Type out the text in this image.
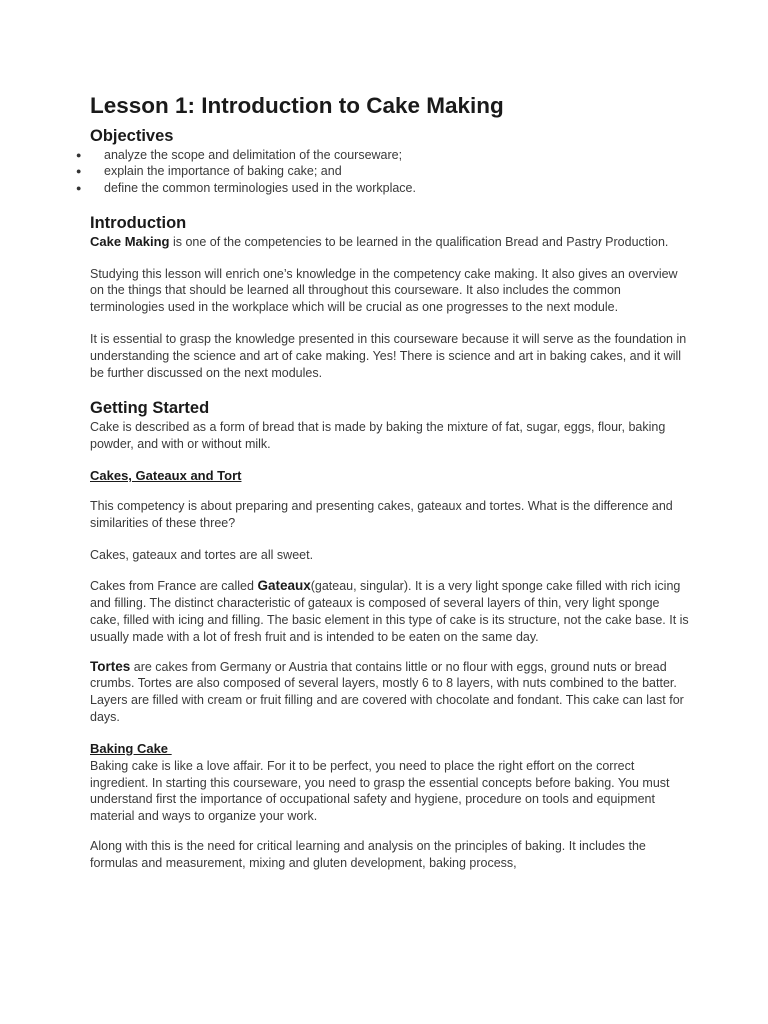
Lesson 1: Introduction to Cake Making
Objectives
● analyze the scope and delimitation of the courseware;
● explain the importance of baking cake; and
● define the common terminologies used in the workplace.
Introduction

Cake Making is one of the competencies to be learned in the qualification Bread and Pastry Production.

Studying this lesson will enrich one’s knowledge in the competency cake making. It also gives an overview on the things that should be learned all throughout this courseware. It also includes the common terminologies used in the workplace which will be crucial as one progresses to the next module.

It is essential to grasp the knowledge presented in this courseware because it will serve as the foundation in understanding the science and art of cake making. Yes! There is science and art in baking cakes, and it will be further discussed on the next modules.

Getting Started

Cake is described as a form of bread that is made by baking the mixture of fat, sugar, eggs, flour, baking powder, and with or without milk.

Cakes, Gateaux and Tort

This competency is about preparing and presenting cakes, gateaux and tortes. What is the difference and similarities of these three?

Cakes, gateaux and tortes are all sweet.

Cakes from France are called Gateaux(gateau, singular). It is a very light sponge cake filled with rich icing and filling. The distinct characteristic of gateaux is composed of several layers of thin, very light sponge cake, filled with icing and filling. The basic element in this type of cake is its structure, not the cake base. It is usually made with a lot of fresh fruit and is intended to be eaten on the same day.

Tortes are cakes from Germany or Austria that contains little or no flour with eggs, ground nuts or bread crumbs. Tortes are also composed of several layers, mostly 6 to 8 layers, with nuts combined to the batter. Layers are filled with cream or fruit filling and are covered with chocolate and fondant. This cake can last for days.

Baking Cake

Baking cake is like a love affair. For it to be perfect, you need to place the right effort on the correct ingredient. In starting this courseware, you need to grasp the essential concepts before baking. You must understand first the importance of occupational safety and hygiene, procedure on tools and equipment material and ways to organize your work.

Along with this is the need for critical learning and analysis on the principles of baking. It includes the formulas and measurement, mixing and gluten development, baking process,
